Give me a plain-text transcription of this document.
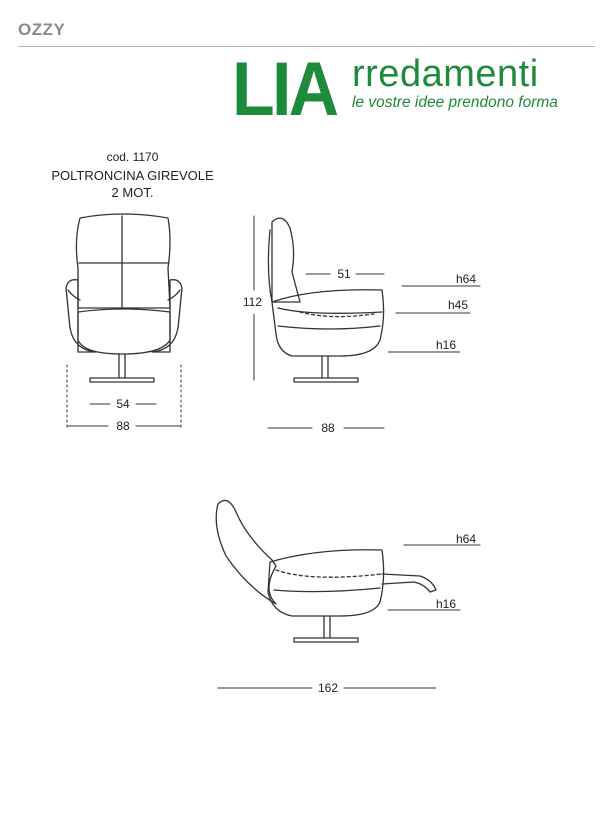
OZZY
LIA rredamenti
le vostre idee prendono forma
cod. 1170
POLTRONCINA GIREVOLE
2 MOT.
54
88
112
51	h64
h45
h16
88
h64
h16
162
